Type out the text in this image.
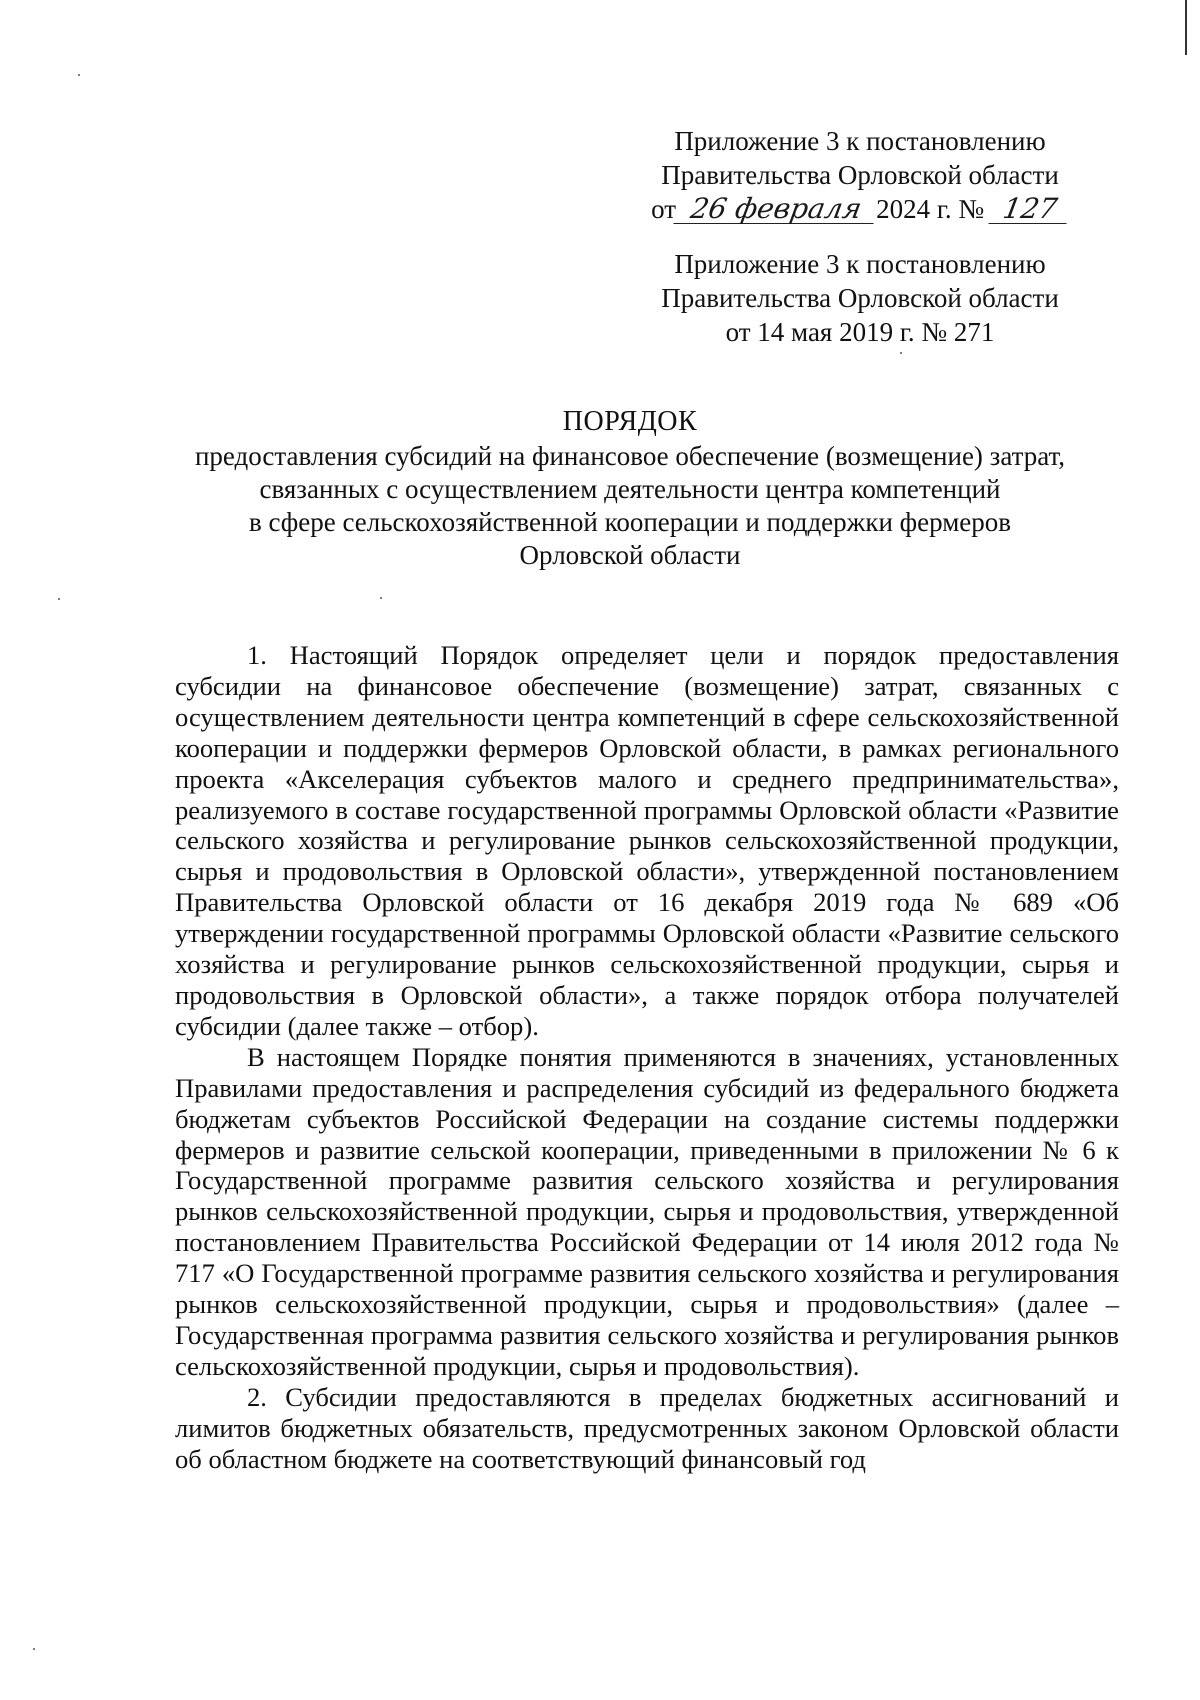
Приложение 3 к постановлению
Правительства Орловской области
от 26 февраля 2024 г. № 127
Приложение 3 к постановлению
Правительства Орловской области
от 14 мая 2019 г. № 271
ПОРЯДОК
предоставления субсидий на финансовое обеспечение (возмещение) затрат,
связанных с осуществлением деятельности центра компетенций
в сфере сельскохозяйственной кооперации и поддержки фермеров
Орловской области

1. Настоящий Порядок определяет цели и порядок предоставления субсидии на финансовое обеспечение (возмещение) затрат, связанных с осуществлением деятельности центра компетенций в сфере сельскохозяйственной кооперации и поддержки фермеров Орловской области, в рамках регионального проекта «Акселерация субъектов малого и среднего предпринимательства», реализуемого в составе государственной программы Орловской области «Развитие сельского хозяйства и регулирование рынков сельскохозяйственной продукции, сырья и продовольствия в Орловской области», утвержденной постановлением Правительства Орловской области от 16 декабря 2019 года № 689 «Об утверждении государственной программы Орловской области «Развитие сельского хозяйства и регулирование рынков сельскохозяйственной продукции, сырья и продовольствия в Орловской области», а также порядок отбора получателей субсидии (далее также – отбор).

В настоящем Порядке понятия применяются в значениях, установленных Правилами предоставления и распределения субсидий из федерального бюджета бюджетам субъектов Российской Федерации на создание системы поддержки фермеров и развитие сельской кооперации, приведенными в приложении № 6 к Государственной программе развития сельского хозяйства и регулирования рынков сельскохозяйственной продукции, сырья и продовольствия, утвержденной постановлением Правительства Российской Федерации от 14 июля 2012 года № 717 «О Государственной программе развития сельского хозяйства и регулирования рынков сельскохозяйственной продукции, сырья и продовольствия» (далее – Государственная программа развития сельского хозяйства и регулирования рынков сельскохозяйственной продукции, сырья и продовольствия).

2. Субсидии предоставляются в пределах бюджетных ассигнований и лимитов бюджетных обязательств, предусмотренных законом Орловской области об областном бюджете на соответствующий финансовый год
